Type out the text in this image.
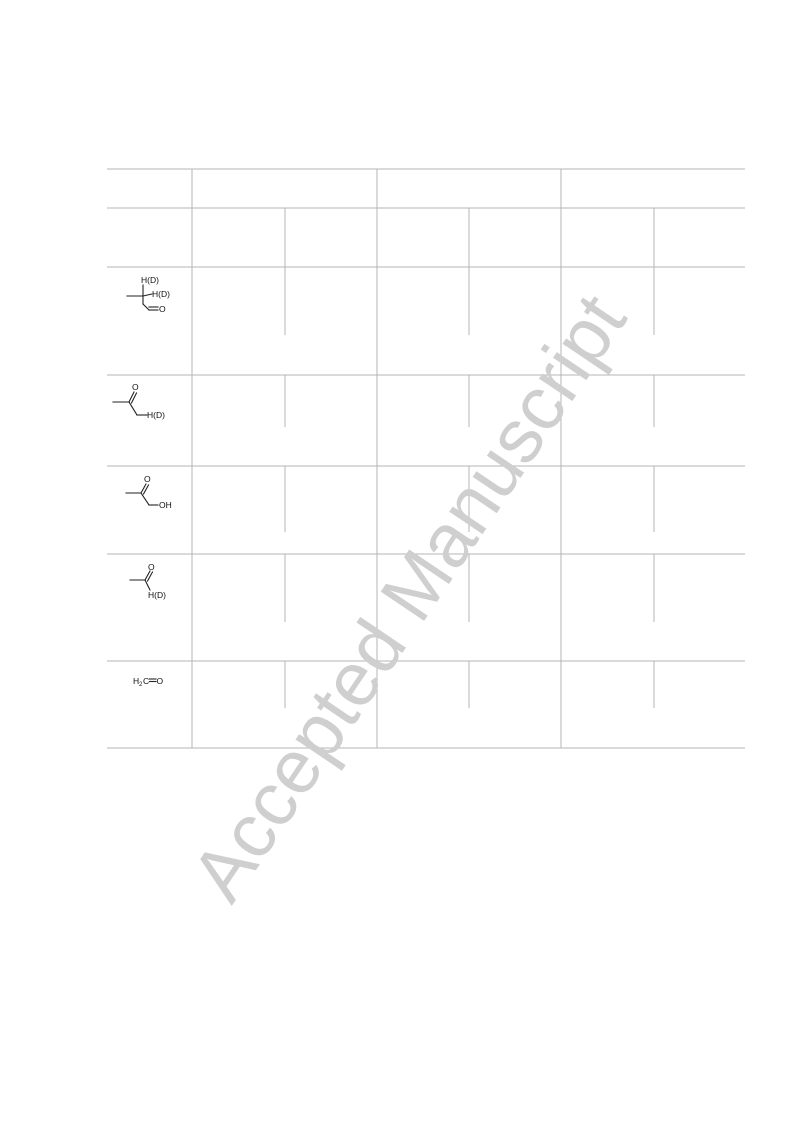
H(D)
H(D)
O
O
H(D)
O
OH
O
H(D)
H 2 C O Accepted Manuscript
